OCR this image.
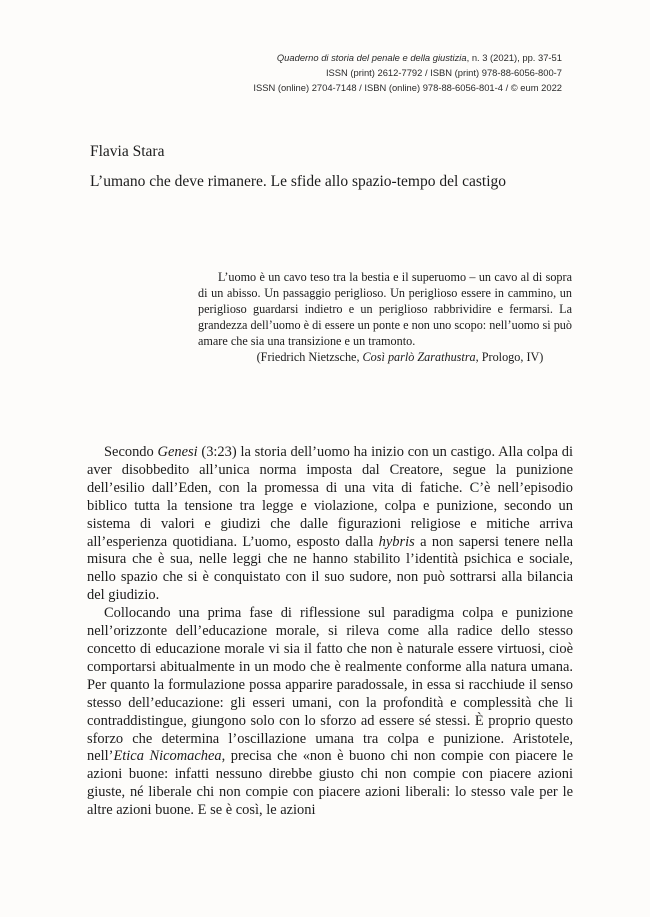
Quaderno di storia del penale e della giustizia, n. 3 (2021), pp. 37-51
ISSN (print) 2612-7792 / ISBN (print) 978-88-6056-800-7
ISSN (online) 2704-7148 / ISBN (online) 978-88-6056-801-4 / © eum 2022
Flavia Stara
L’umano che deve rimanere. Le sfide allo spazio-tempo del castigo

L’uomo è un cavo teso tra la bestia e il superuomo – un cavo al di sopra di un abisso. Un passaggio periglioso. Un periglioso essere in cammino, un periglioso guardarsi indietro e un periglioso rabbrividire e fermarsi. La grandezza dell’uomo è di essere un ponte e non uno scopo: nell’uomo si può amare che sia una transizione e un tramonto.

(Friedrich Nietzsche, Così parlò Zarathustra, Prologo, IV)

Secondo Genesi (3:23) la storia dell’uomo ha inizio con un castigo. Alla colpa di aver disobbedito all’unica norma imposta dal Creatore, segue la punizione dell’esilio dall’Eden, con la promessa di una vita di fatiche. C’è nell’episodio biblico tutta la tensione tra legge e violazione, colpa e punizione, secondo un sistema di valori e giudizi che dalle figurazioni religiose e mitiche arriva all’esperienza quotidiana. L’uomo, esposto dalla hybris a non sapersi tenere nella misura che è sua, nelle leggi che ne hanno stabilito l’identità psichica e sociale, nello spazio che si è conquistato con il suo sudore, non può sottrarsi alla bilancia del giudizio.

Collocando una prima fase di riflessione sul paradigma colpa e punizione nell’orizzonte dell’educazione morale, si rileva come alla radice dello stesso concetto di educazione morale vi sia il fatto che non è naturale essere virtuosi, cioè comportarsi abitualmente in un modo che è realmente conforme alla natura umana. Per quanto la formulazione possa apparire paradossale, in essa si racchiude il senso stesso dell’educazione: gli esseri umani, con la profondità e complessità che li contraddistingue, giungono solo con lo sforzo ad essere sé stessi. È proprio questo sforzo che determina l’oscillazione umana tra colpa e punizione. Aristotele, nell’Etica Nicomachea, precisa che «non è buono chi non compie con piacere le azioni buone: infatti nessuno direbbe giusto chi non compie con piacere azioni giuste, né liberale chi non compie con piacere azioni liberali: lo stesso vale per le altre azioni buone. E se è così, le azioni
